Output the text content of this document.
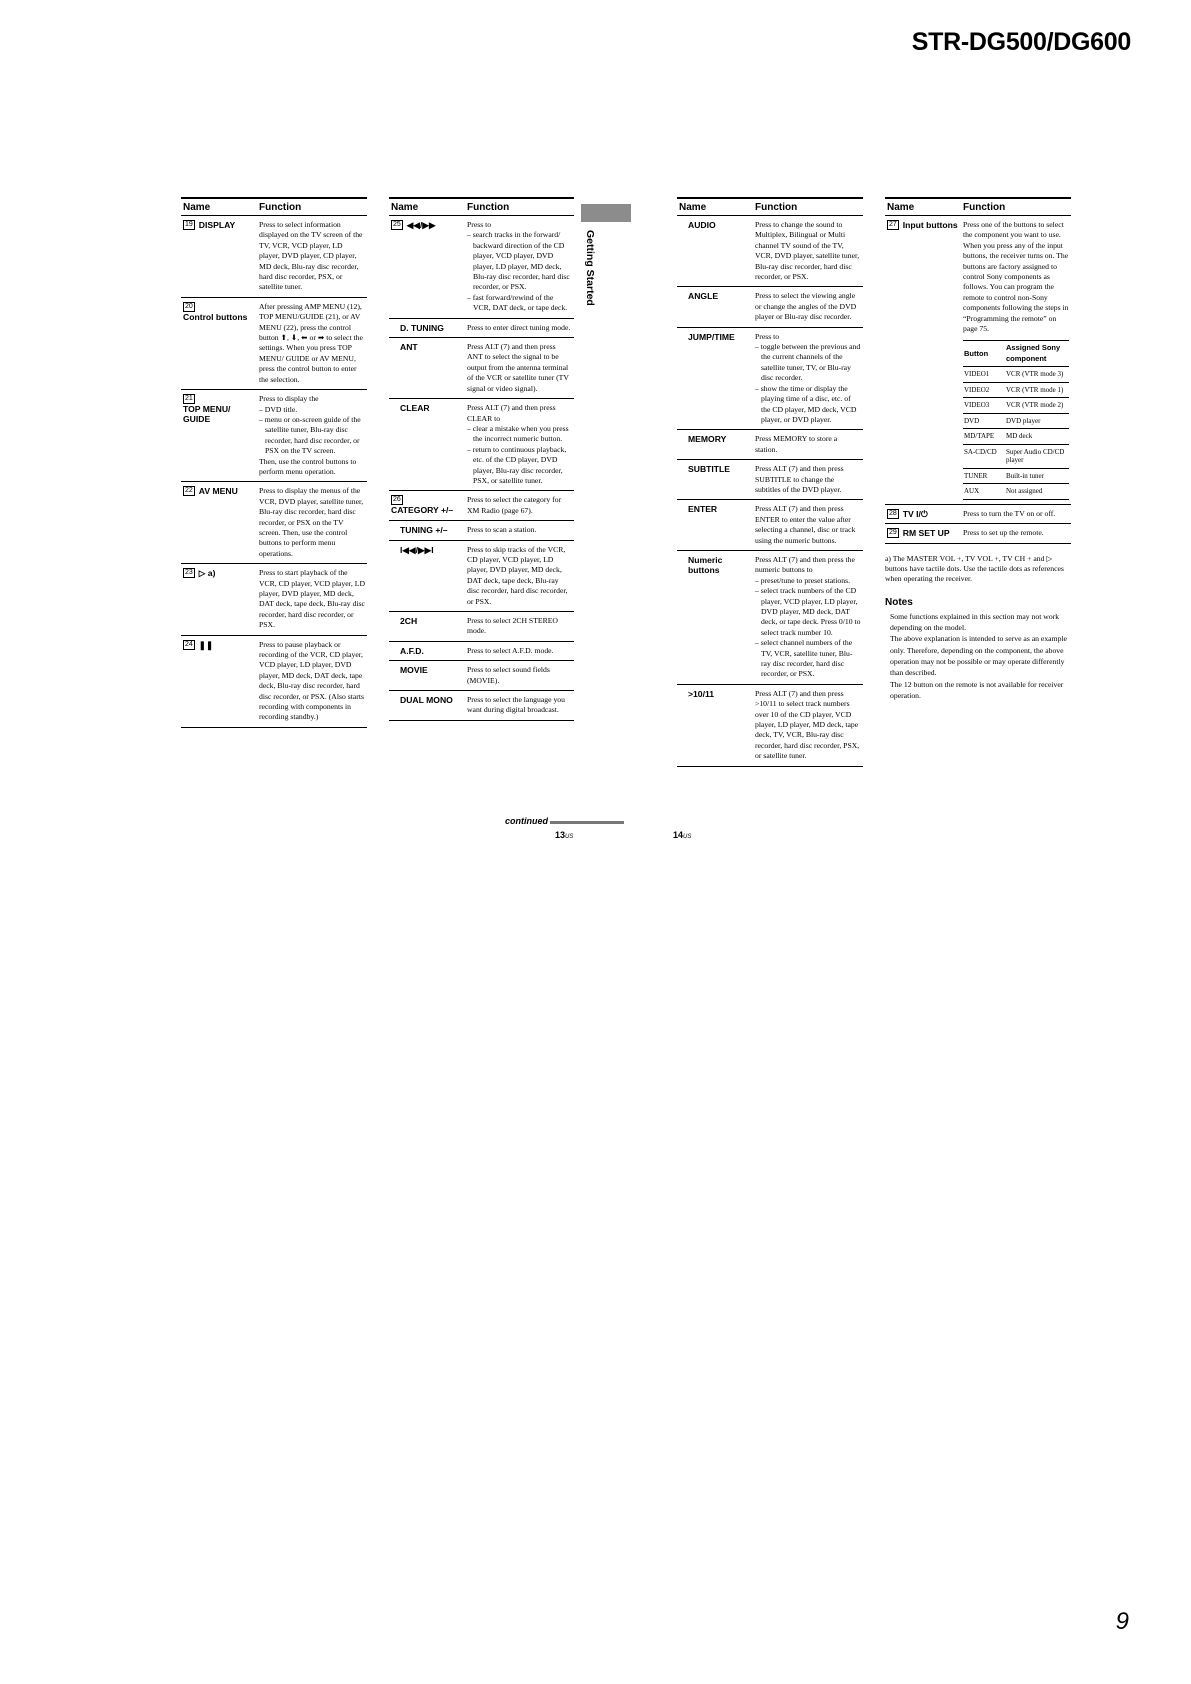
STR-DG500/DG600
Name	Function
19 DISPLAY	Press to select information displayed on the TV screen of the TV, VCR, VCD player, LD player, DVD player, CD player, MD deck, Blu-ray disc recorder, hard disc recorder, PSX, or satellite tuner.

20Control buttons	After pressing AMP MENU (12), TOP MENU/GUIDE (21), or AV MENU (22), press the control button ⬆, ⬇, ⬅ or ➡ to select the settings. When you press TOP MENU/ GUIDE or AV MENU, press the control button to enter the selection.

21TOP MENU/ GUIDE	Press to display the
– DVD title.
– menu or on-screen guide of the satellite tuner, Blu-ray disc recorder, hard disc recorder, or PSX on the TV screen.
Then, use the control buttons to perform menu operation.

22 AV MENU	Press to display the menus of the VCR, DVD player, satellite tuner, Blu-ray disc recorder, hard disc recorder, or PSX on the TV screen. Then, use the control buttons to perform menu operations.

23 ▷ a)	Press to start playback of the VCR, CD player, VCD player, LD player, DVD player, MD deck, DAT deck, tape deck, Blu-ray disc recorder, hard disc recorder, or PSX.

24 ❚❚	Press to pause playback or recording of the VCR, CD player, VCD player, LD player, DVD player, MD deck, DAT deck, tape deck, Blu-ray disc recorder, hard disc recorder, or PSX. (Also starts recording with components in recording standby.)
Name	Function
25 ◀◀/▶▶	Press to
– search tracks in the forward/ backward direction of the CD player, VCD player, DVD player, LD player, MD deck, Blu-ray disc recorder, hard disc recorder, or PSX.
– fast forward/rewind of the VCR, DAT deck, or tape deck.

D. TUNING	Press to enter direct tuning mode.

ANT	Press ALT (7) and then press ANT to select the signal to be output from the antenna terminal of the VCR or satellite tuner (TV signal or video signal).

CLEAR	Press ALT (7) and then press CLEAR to
– clear a mistake when you press the incorrect numeric button.
– return to continuous playback, etc. of the CD player, DVD player, Blu-ray disc recorder, PSX, or satellite tuner.

26CATEGORY +/–	Press to select the category for XM Radio (page 67).

TUNING +/–	Press to scan a station.

I◀◀/▶▶I	Press to skip tracks of the VCR, CD player, VCD player, LD player, DVD player, MD deck, DAT deck, tape deck, Blu-ray disc recorder, hard disc recorder, or PSX.

2CH	Press to select 2CH STEREO mode.

A.F.D.	Press to select A.F.D. mode.

MOVIE	Press to select sound fields (MOVIE).

DUAL MONO	Press to select the language you want during digital broadcast.
Getting Started
Name	Function
AUDIO	Press to change the sound to Multiplex, Bilingual or Multi channel TV sound of the TV, VCR, DVD player, satellite tuner, Blu-ray disc recorder, hard disc recorder, or PSX.

ANGLE	Press to select the viewing angle or change the angles of the DVD player or Blu-ray disc recorder.

JUMP/TIME	Press to
– toggle between the previous and the current channels of the satellite tuner, TV, or Blu-ray disc recorder.
– show the time or display the playing time of a disc, etc. of the CD player, MD deck, VCD player, or DVD player.

MEMORY	Press MEMORY to store a station.

SUBTITLE	Press ALT (7) and then press SUBTITLE to change the subtitles of the DVD player.

ENTER	Press ALT (7) and then press ENTER to enter the value after selecting a channel, disc or track using the numeric buttons.

Numeric buttons	Press ALT (7) and then press the numeric buttons to
– preset/tune to preset stations.
– select track numbers of the CD player, VCD player, LD player, DVD player, MD deck, DAT deck, or tape deck. Press 0/10 to select track number 10.
– select channel numbers of the TV, VCR, satellite tuner, Blu-ray disc recorder, hard disc recorder, or PSX.

>10/11	Press ALT (7) and then press >10/11 to select track numbers over 10 of the CD player, VCD player, LD player, MD deck, tape deck, TV, VCR, Blu-ray disc recorder, hard disc recorder, PSX, or satellite tuner.
Name	Function
27 Input buttons	Press one of the buttons to select the component you want to use. When you press any of the input buttons, the receiver turns on. The buttons are factory assigned to control Sony components as follows. You can program the remote to control non-Sony components following the steps in “Programming the remote” on page 75.
Button	Assigned Sony component
VIDEO1	VCR (VTR mode 3)
VIDEO2	VCR (VTR mode 1)
VIDEO3	VCR (VTR mode 2)
DVD	DVD player
MD/TAPE	MD deck
SA-CD/CD	Super Audio CD/CD player
TUNER	Built-in tuner
AUX	Not assigned

28 TV I/⏻	Press to turn the TV on or off.
29 RM SET UP	Press to set up the remote.
a) The MASTER VOL +, TV VOL +, TV CH + and ▷ buttons have tactile dots. Use the tactile dots as references when operating the receiver.
Notes
Some functions explained in this section may not work depending on the model.
The above explanation is intended to serve as an example only. Therefore, depending on the component, the above operation may not be possible or may operate differently than described.
The 12 button on the remote is not available for receiver operation.
continued
13US	14US
9
